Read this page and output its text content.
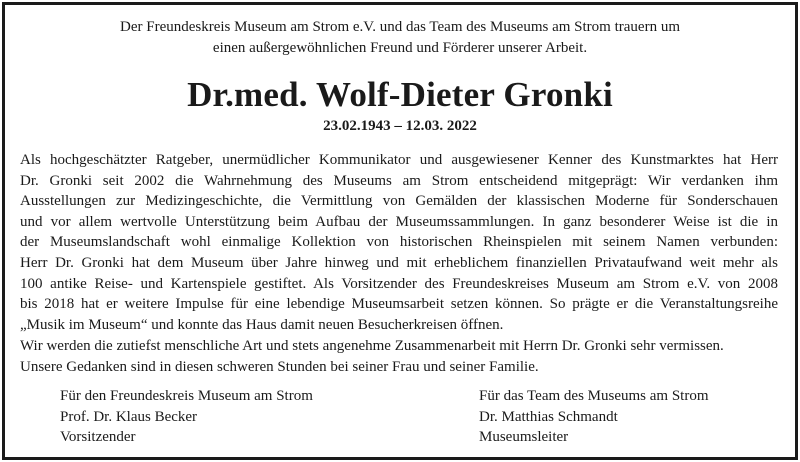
Der Freundeskreis Museum am Strom e.V. und das Team des Museums am Strom trauern um
einen außergewöhnlichen Freund und Förderer unserer Arbeit.
Dr.med. Wolf-Dieter Gronki
23.02.1943 – 12.03. 2022
Als hochgeschätzter Ratgeber, unermüdlicher Kommunikator und ausgewiesener Kenner des Kunstmarktes hat Herr
Dr. Gronki seit 2002 die Wahrnehmung des Museums am Strom entscheidend mitgeprägt: Wir verdanken ihm
Ausstellungen zur Medizingeschichte, die Vermittlung von Gemälden der klassischen Moderne für Sonderschauen
und vor allem wertvolle Unterstützung beim Aufbau der Museumssammlungen. In ganz besonderer Weise ist die in
der Museumslandschaft wohl einmalige Kollektion von historischen Rheinspielen mit seinem Namen verbunden:
Herr Dr. Gronki hat dem Museum über Jahre hinweg und mit erheblichem finanziellen Privataufwand weit mehr als
100 antike Reise- und Kartenspiele gestiftet. Als Vorsitzender des Freundeskreises Museum am Strom e.V. von 2008
bis 2018 hat er weitere Impulse für eine lebendige Museumsarbeit setzen können. So prägte er die Veranstaltungsreihe
„Musik im Museum“ und konnte das Haus damit neuen Besucherkreisen öffnen.
Wir werden die zutiefst menschliche Art und stets angenehme Zusammenarbeit mit Herrn Dr. Gronki sehr vermissen.
Unsere Gedanken sind in diesen schweren Stunden bei seiner Frau und seiner Familie.
Für den Freundeskreis Museum am Strom
Prof. Dr. Klaus Becker
Vorsitzender
Für das Team des Museums am Strom
Dr. Matthias Schmandt
Museumsleiter
